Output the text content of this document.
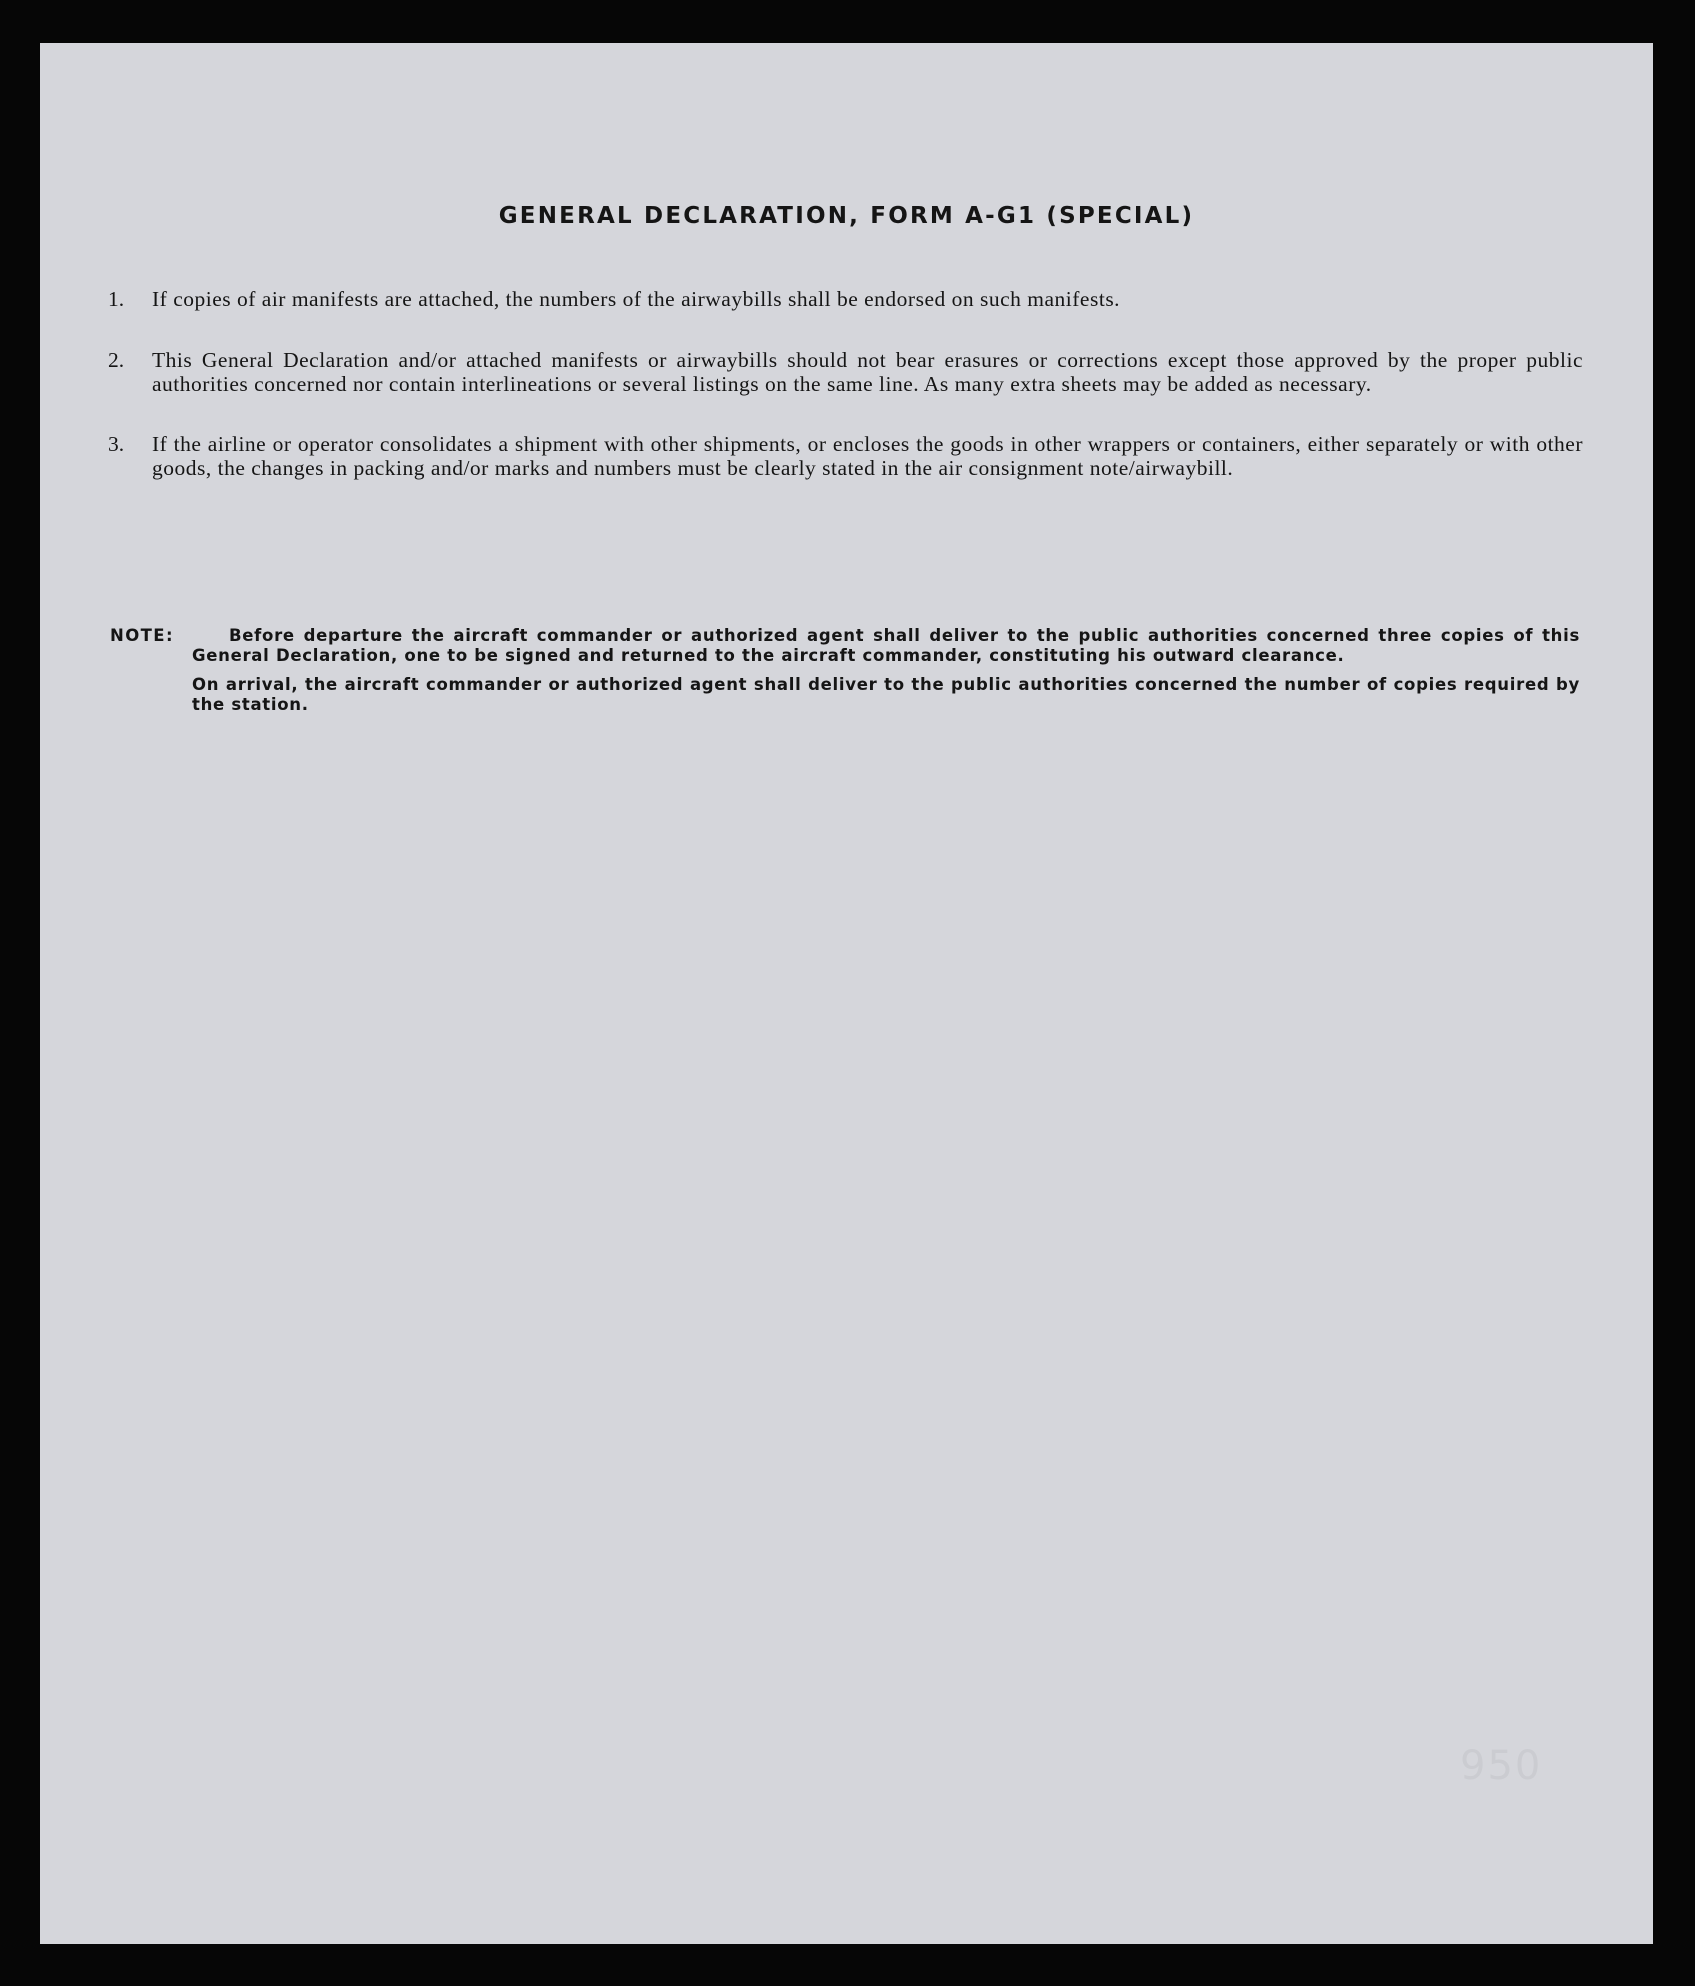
GENERAL DECLARATION, FORM A-G1 (SPECIAL)
1.	If copies of air manifests are attached, the numbers of the airwaybills shall be endorsed on such manifests.
2.	This General Declaration and/or attached manifests or airwaybills should not bear erasures or corrections except those approved by the proper public authorities concerned nor contain interlineations or several listings on the same line. As many extra sheets may be added as necessary.
3.	If the airline or operator consolidates a shipment with other shipments, or encloses the goods in other wrappers or containers, either separately or with other goods, the changes in packing and/or marks and numbers must be clearly stated in the air consignment note/airwaybill.
NOTE:	Before departure the aircraft commander or authorized agent shall deliver to the public authorities concerned three copies of this General Declaration, one to be signed and returned to the aircraft commander, constituting his outward clearance.

On arrival, the aircraft commander or authorized agent shall deliver to the public authorities concerned the number of copies required by the station.

950
